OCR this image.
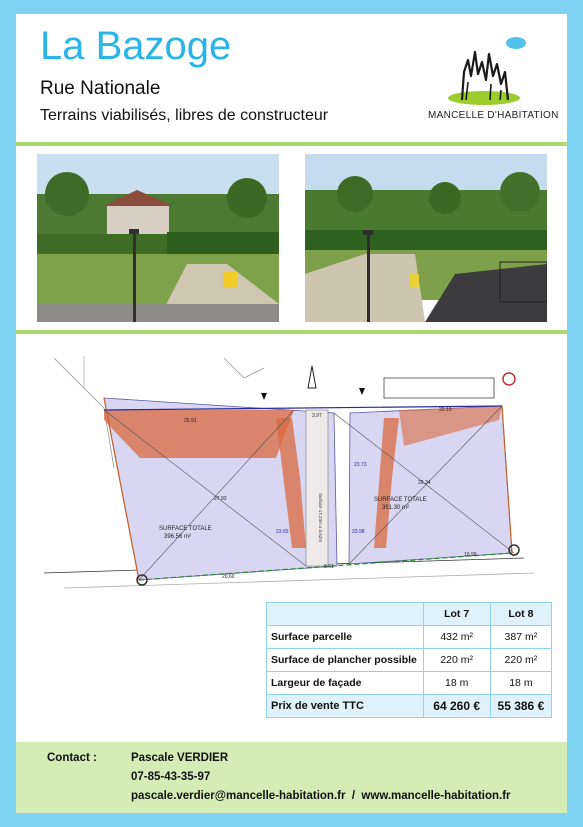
La Bazoge
Rue Nationale
Terrains viabilisés, libres de constructeur	MANCELLE D'HABITATION
SURFACE TOTALE
396.56 m²
SURFACE TOTALE
351.30 m²
Surface 17.24m x 3.62m
25.91
3.97
22.19
27.93
29.34
20.60
8.61
10.99
23.65	23.98
23.73
	Lot 7	Lot 8
Surface parcelle	432 m²	387 m²
Surface de plancher possible	220 m²	220 m²
Largeur de façade	18 m	18 m
Prix de vente TTC	64 260 €	55 386 €
Contact :	Pascale VERDIER
07-85-43-35-97
pascale.verdier@mancelle-habitation.fr  /  www.mancelle-habitation.fr
